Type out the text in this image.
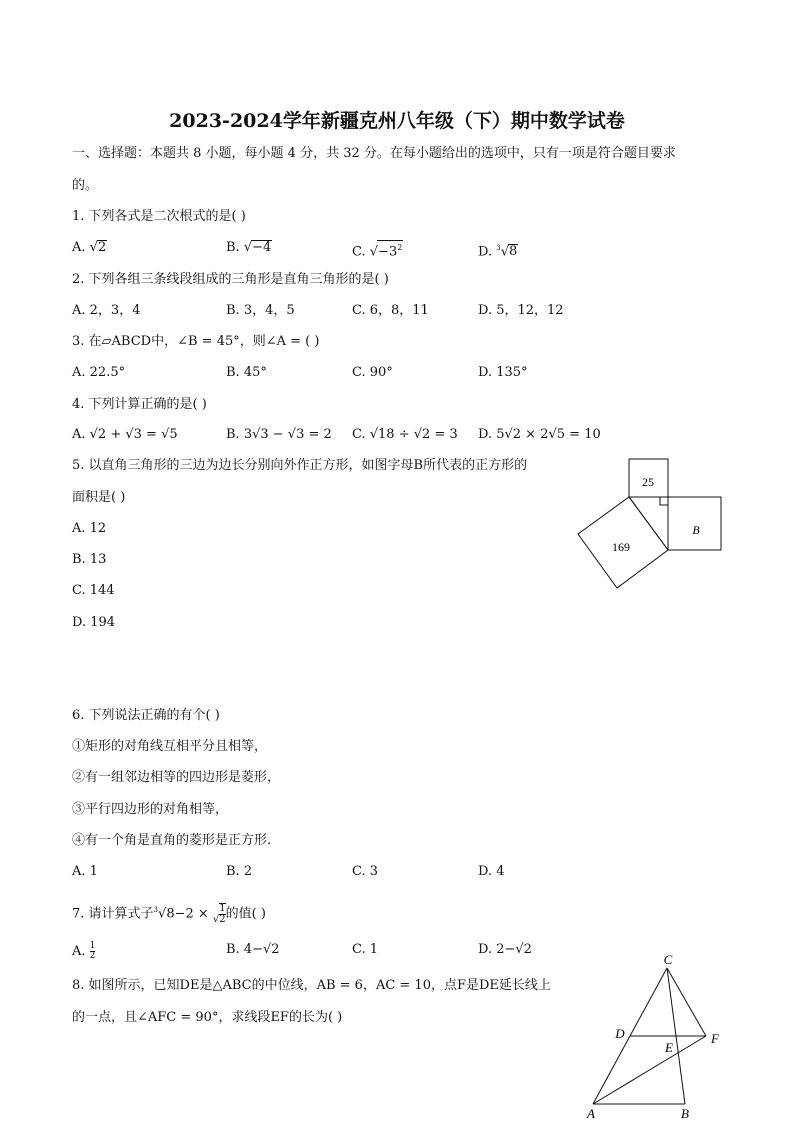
2023-2024学年新疆克州八年级（下）期中数学试卷
一、选择题：本题共 8 小题，每小题 4 分，共 32 分。在每小题给出的选项中，只有一项是符合题目要求
的。
1. 下列各式是二次根式的是( )
A. √2	B. √−4	C. $√-3^2$	D. $^3$√8
2. 下列各组三条线段组成的三角形是直角三角形的是( )
A. 2，3，4	B. 3，4，5	C. 6，8，11	D. 5，12，12
3. 在▱ABCD中，∠B = 45°，则∠A = ( )
A. 22.5°	B. 45°	C. 90°	D. 135°
4. 下列计算正确的是( )
A. √2 + √3 = √5	B. 3√3 − √3 = 2 C. √18 ÷ √2 = 3 D. 5√2 × 2√5 = 10
5. 以直角三角形的三边为边长分别向外作正方形，如图字母B所代表的正方形的
面积是( )
A. 12
B. 13
C. 144
D. 194
25
169
B
6. 下列说法正确的有个( )
①矩形的对角线互相平分且相等，
②有一组邻边相等的四边形是菱形，
③平行四边形的对角相等，
④有一个角是直角的菱形是正方形.
A. 1	B. 2	C. 3	D. 4
7. 请计算式子$^3$√8−2 × √ $\frac{1}{2}$ 的值( )
A. $\frac{1}{2}$	B. 4−√2	C. 1	D. 2−√2
8. 如图所示，已知DE是△ABC的中位线，AB = 6，AC = 10，点F是DE延长线上
的一点，且∠AFC = 90°，求线段EF的长为( )
C
D
E
F
A	B
